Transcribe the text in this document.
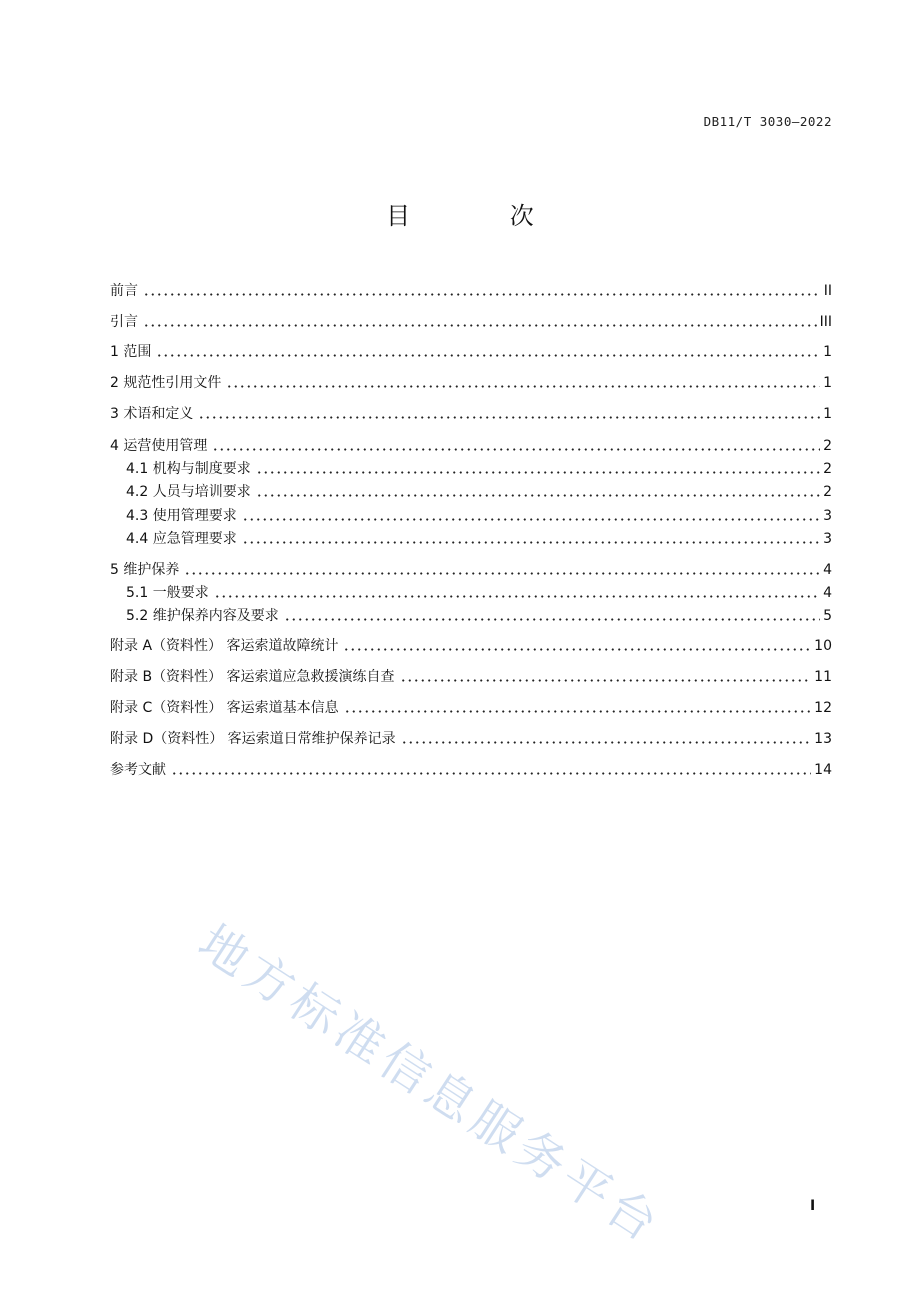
DB11/T 3030—2022
目 次
前言	II
引言	III
1 范围	1
2 规范性引用文件	1
3 术语和定义	1
4 运营使用管理	2
4.1 机构与制度要求	2
4.2 人员与培训要求	2
4.3 使用管理要求	3
4.4 应急管理要求	3
5 维护保养	4
5.1 一般要求	4
5.2 维护保养内容及要求	5
附录 A（资料性） 客运索道故障统计	10
附录 B（资料性） 客运索道应急救援演练自查	11
附录 C（资料性） 客运索道基本信息	12
附录 D（资料性） 客运索道日常维护保养记录	13
参考文献	14
地方标准信息服务平台	I
